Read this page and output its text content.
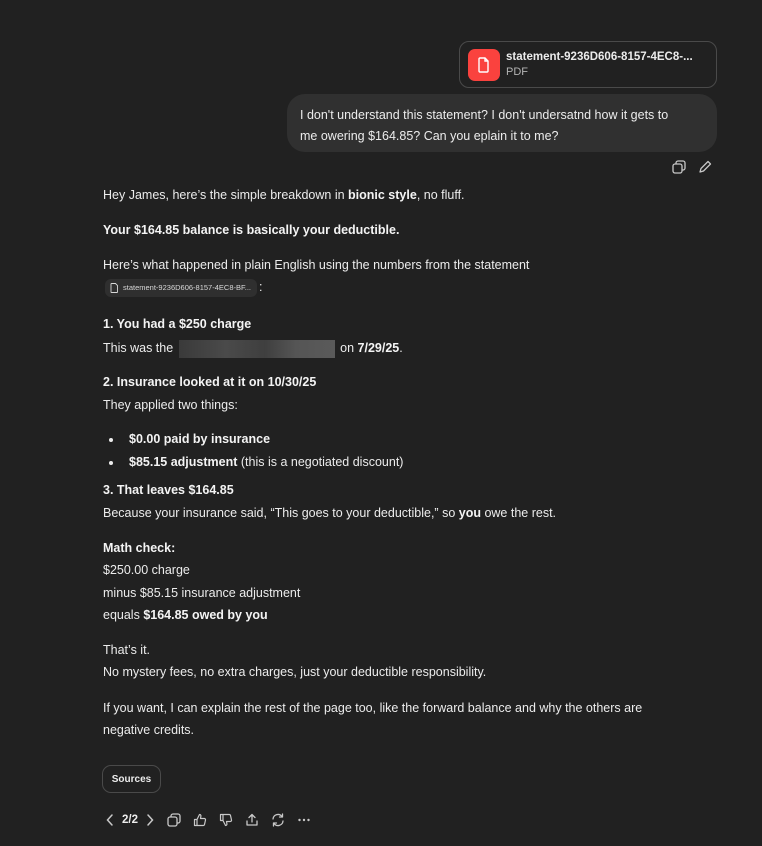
statement-9236D606-8157-4EC8-...
PDF
I don't understand this statement? I don't undersatnd how it gets to
me owering $164.85? Can you eplain it to me?
Hey James, here’s the simple breakdown in bionic style, no fluff.
Your $164.85 balance is basically your deductible.
Here’s what happened in plain English using the numbers from the statement
statement-9236D606-8157-4EC8-BF... :
1. You had a $250 charge
This was the	on 7/29/25.
2. Insurance looked at it on 10/30/25
They applied two things:
$0.00 paid by insurance
$85.15 adjustment (this is a negotiated discount)
3. That leaves $164.85
Because your insurance said, “This goes to your deductible,” so you owe the rest.
Math check:
$250.00 charge
minus $85.15 insurance adjustment
equals $164.85 owed by you
That’s it.
No mystery fees, no extra charges, just your deductible responsibility.
If you want, I can explain the rest of the page too, like the forward balance and why the others are
negative credits.
Sources
2/2
